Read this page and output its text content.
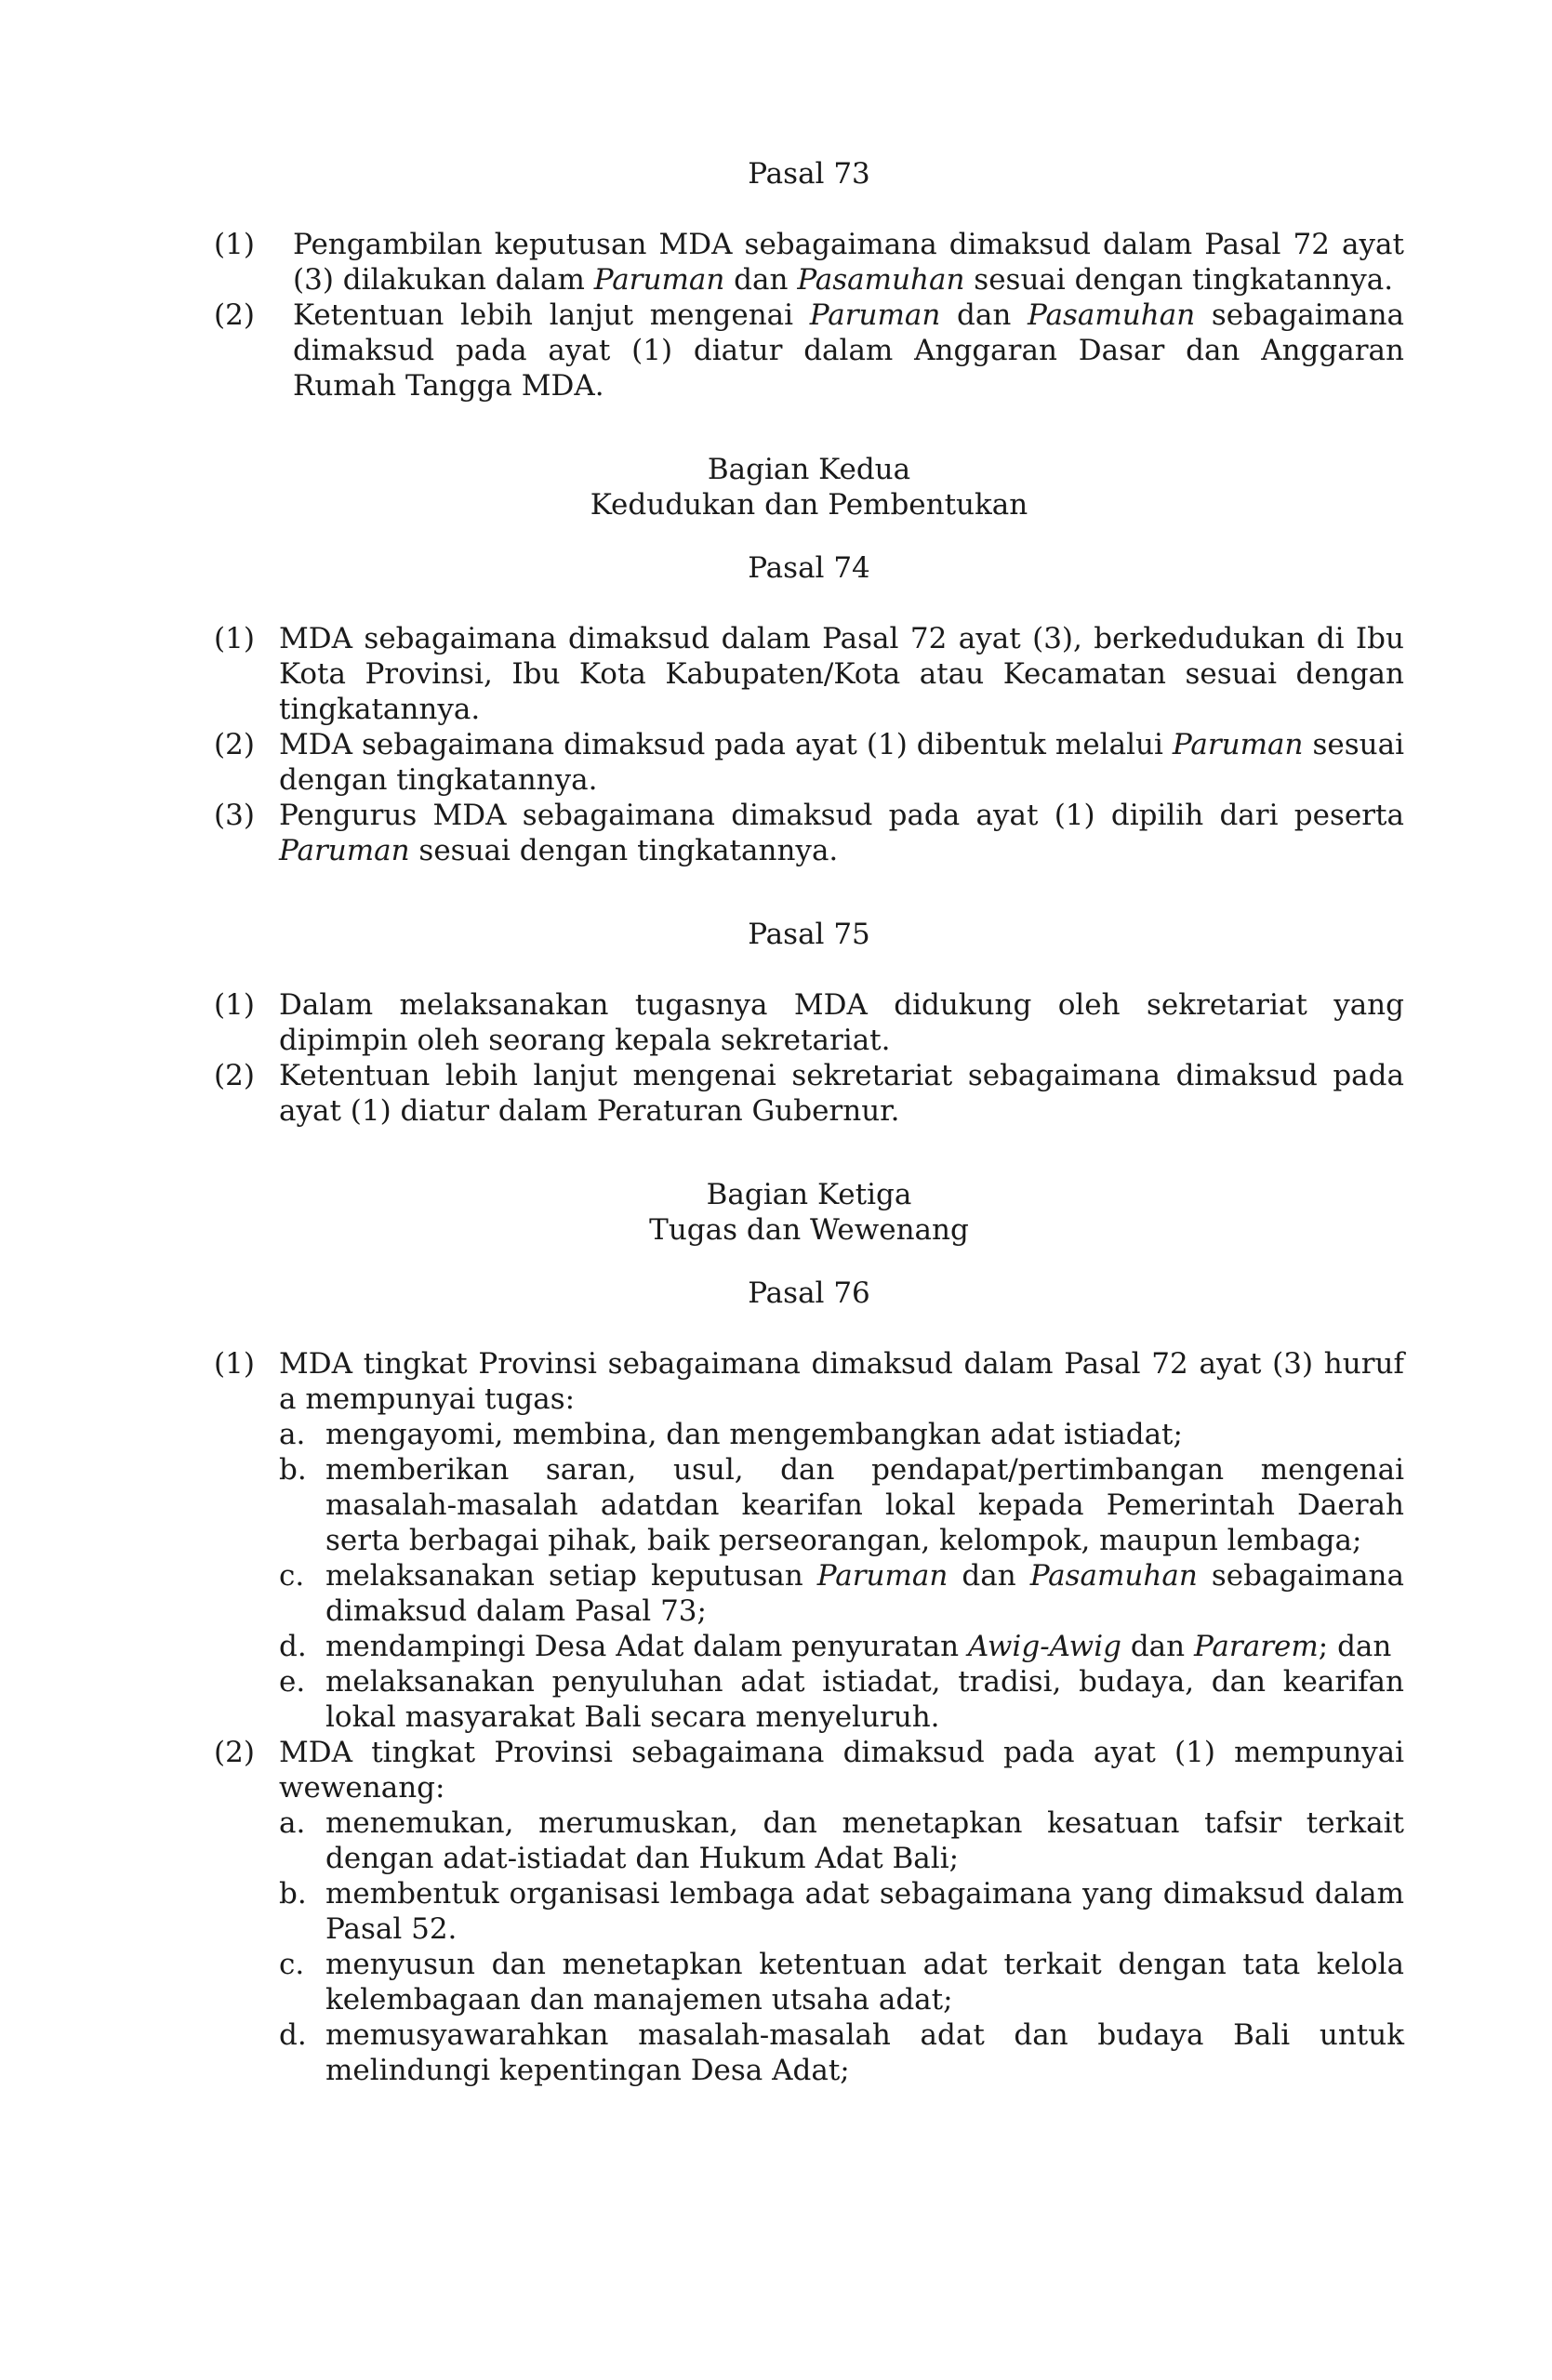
Pasal 73
(1) Pengambilan keputusan MDA sebagaimana dimaksud dalam Pasal 72 ayat (3) dilakukan dalam Paruman dan Pasamuhan sesuai dengan tingkatannya.
(2) Ketentuan lebih lanjut mengenai Paruman dan Pasamuhan sebagaimana dimaksud pada ayat (1) diatur dalam Anggaran Dasar dan Anggaran Rumah Tangga MDA.
Bagian Kedua
Kedudukan dan Pembentukan
Pasal 74
(1) MDA sebagaimana dimaksud dalam Pasal 72 ayat (3), berkedudukan di Ibu Kota Provinsi, Ibu Kota Kabupaten/Kota atau Kecamatan sesuai dengan tingkatannya.
(2) MDA sebagaimana dimaksud pada ayat (1) dibentuk melalui Paruman sesuai dengan tingkatannya.
(3) Pengurus MDA sebagaimana dimaksud pada ayat (1) dipilih dari peserta Paruman sesuai dengan tingkatannya.
Pasal 75
(1) Dalam melaksanakan tugasnya MDA didukung oleh sekretariat yang dipimpin oleh seorang kepala sekretariat.
(2) Ketentuan lebih lanjut mengenai sekretariat sebagaimana dimaksud pada ayat (1) diatur dalam Peraturan Gubernur.
Bagian Ketiga
Tugas dan Wewenang
Pasal 76
(1) MDA tingkat Provinsi sebagaimana dimaksud dalam Pasal 72 ayat (3) huruf a mempunyai tugas:
a. mengayomi, membina, dan mengembangkan adat istiadat;
b. memberikan saran, usul, dan pendapat/pertimbangan mengenai masalah-masalah adatdan kearifan lokal kepada Pemerintah Daerah serta berbagai pihak, baik perseorangan, kelompok, maupun lembaga;
c. melaksanakan setiap keputusan Paruman dan Pasamuhan sebagaimana dimaksud dalam Pasal 73;
d. mendampingi Desa Adat dalam penyuratan Awig-Awig dan Pararem; dan
e. melaksanakan penyuluhan adat istiadat, tradisi, budaya, dan kearifan lokal masyarakat Bali secara menyeluruh.
(2) MDA tingkat Provinsi sebagaimana dimaksud pada ayat (1) mempunyai wewenang:
a. menemukan, merumuskan, dan menetapkan kesatuan tafsir terkait dengan adat-istiadat dan Hukum Adat Bali;
b. membentuk organisasi lembaga adat sebagaimana yang dimaksud dalam Pasal 52.
c. menyusun dan menetapkan ketentuan adat terkait dengan tata kelola kelembagaan dan manajemen utsaha adat;
d. memusyawarahkan masalah-masalah adat dan budaya Bali untuk melindungi kepentingan Desa Adat;
